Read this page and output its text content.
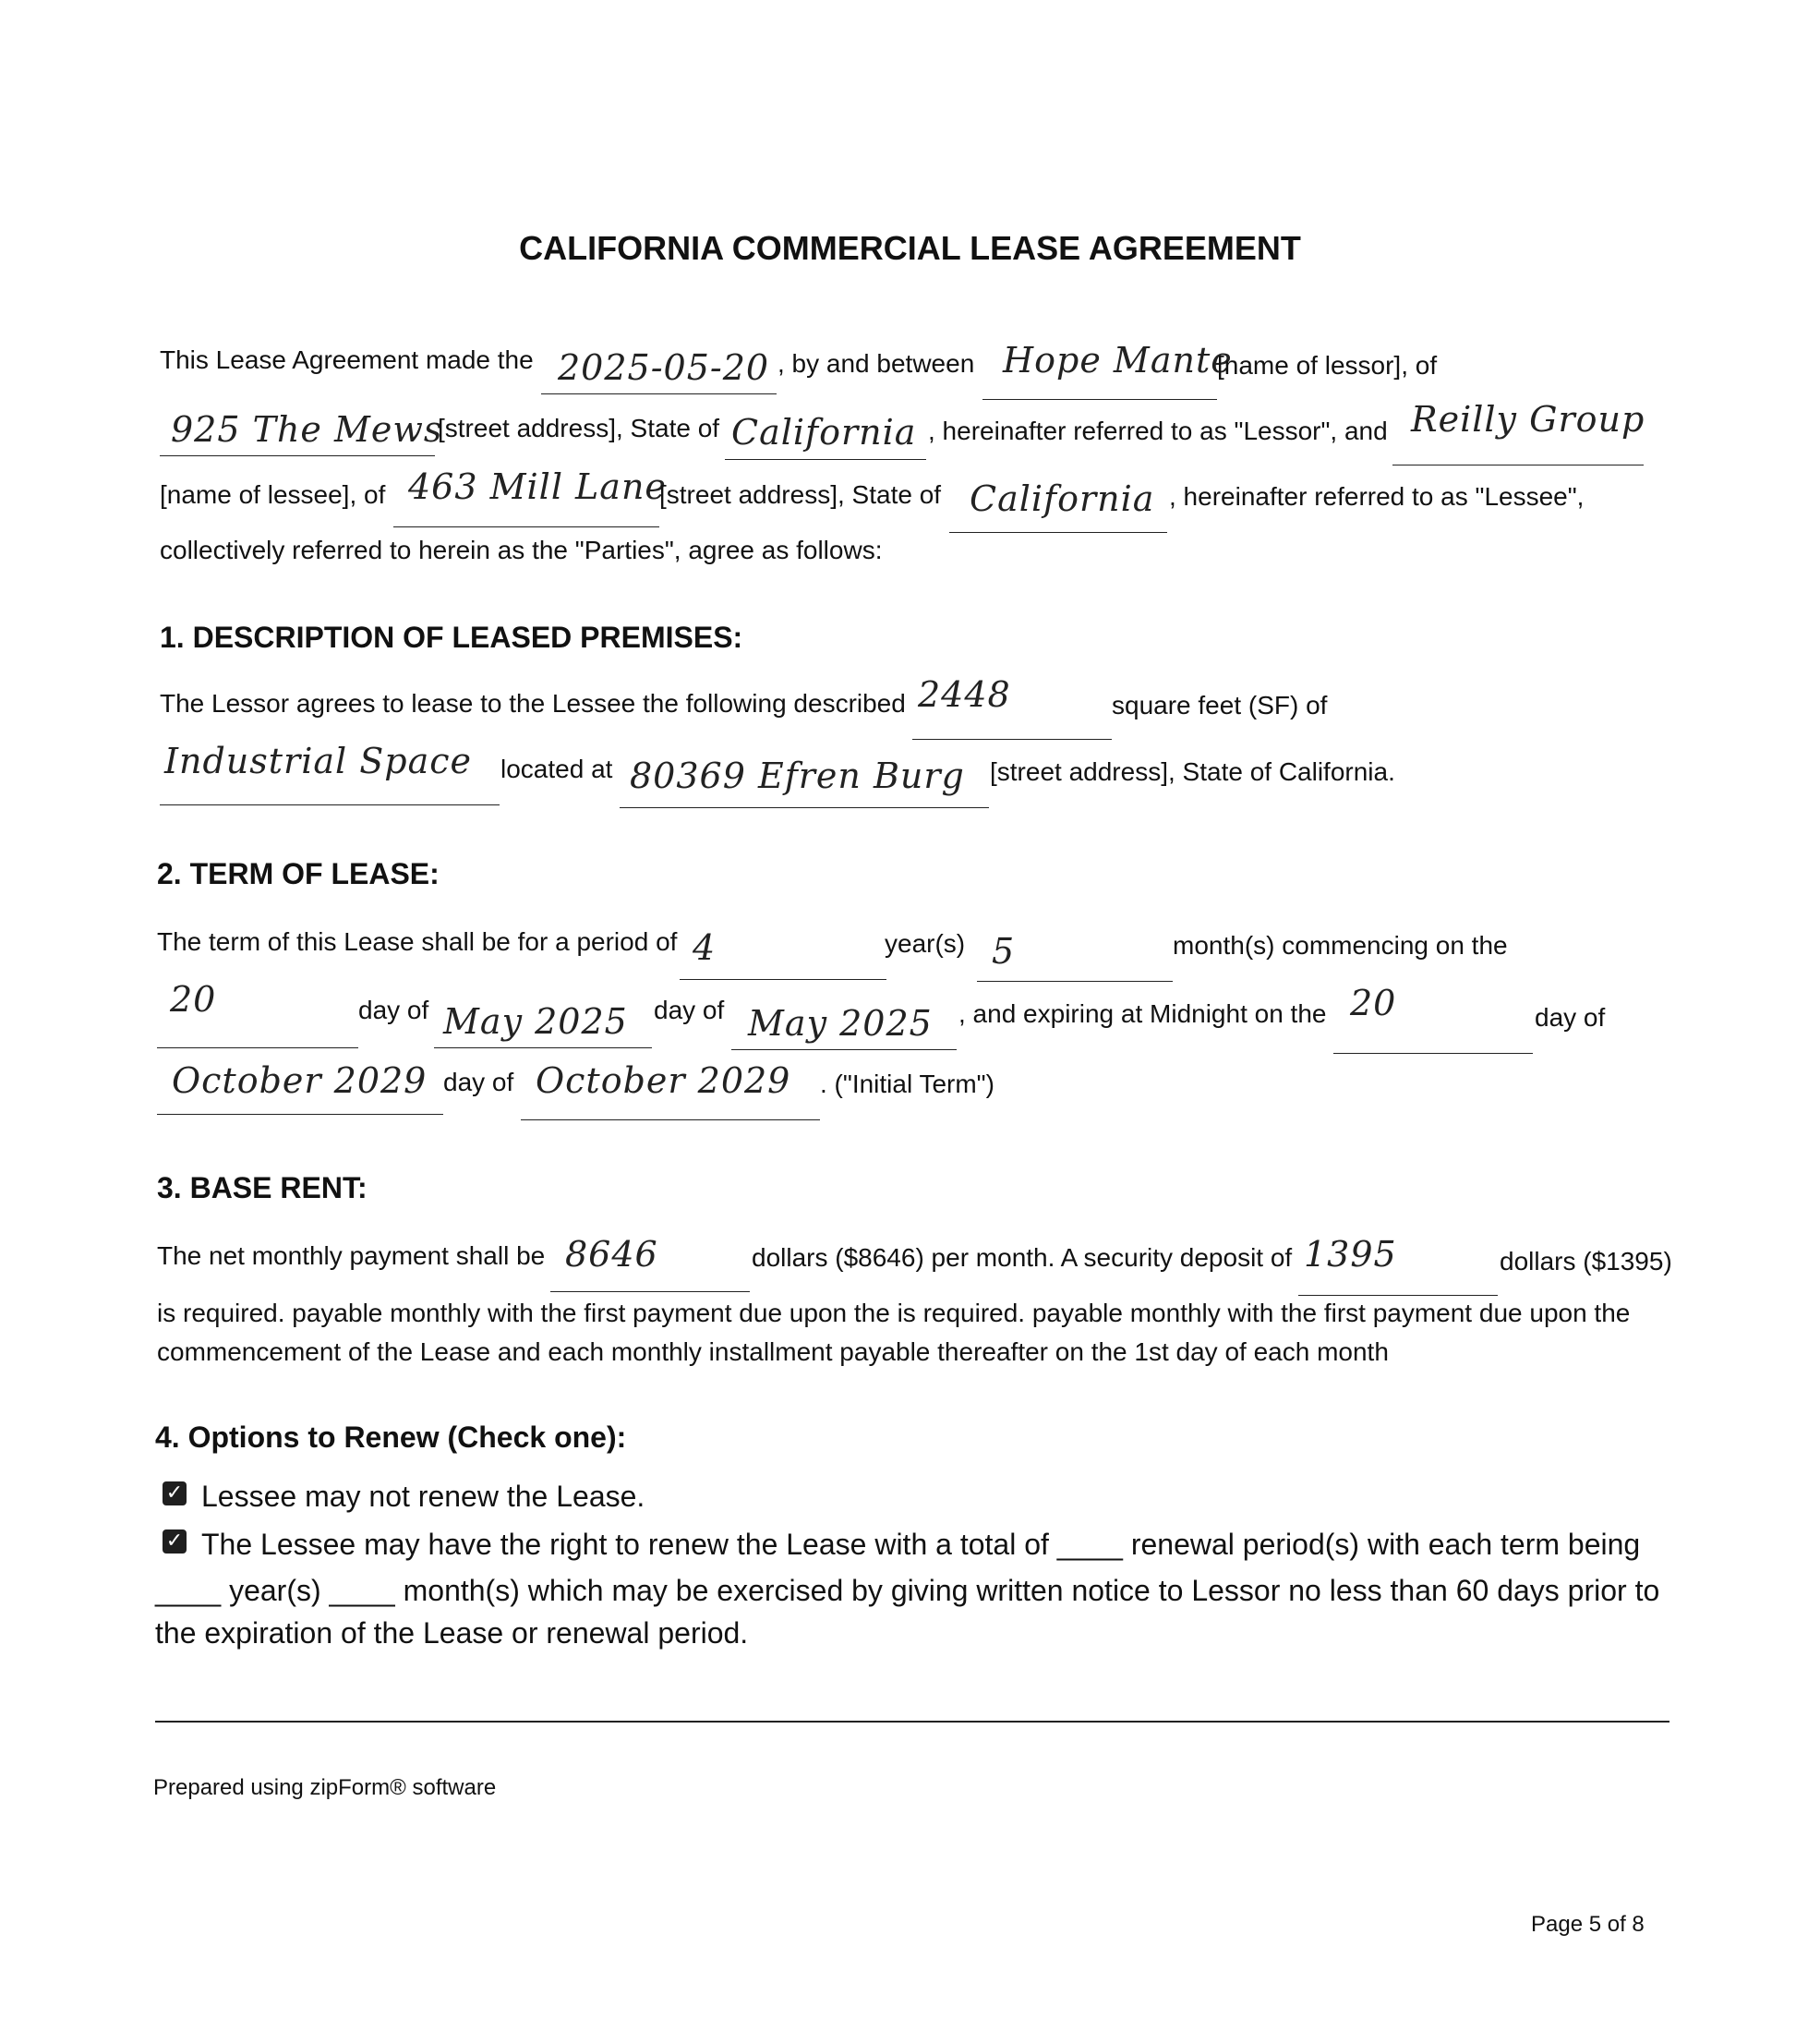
CALIFORNIA COMMERCIAL LEASE AGREEMENT
This Lease Agreement made the 2025-05-20 , by and between Hope Mante
[name of lessor], of
925 The Mews
[street address], State of California , hereinafter referred to as "Lessor", and Reilly Group
[name of lessee], of 463 Mill Lane
[street address], State of California , hereinafter referred to as "Lessee",
collectively referred to herein as the "Parties", agree as follows:
1. DESCRIPTION OF LEASED PREMISES:
The Lessor agrees to lease to the Lessee the following described 2448	square feet (SF) of
Industrial Space located at 80369 Efren Burg [street address], State of California.
2. TERM OF LEASE:
The term of this Lease shall be for a period of 4	year(s) 5	month(s) commencing on the
20	day of May 2025 day of May 2025 , and expiring at Midnight on the 20	day of
October 2029 day of October 2029 . ("Initial Term")
3. BASE RENT:
The net monthly payment shall be 8646	dollars ($8646) per month. A security deposit of 1395	dollars ($1395)
is required. payable monthly with the first payment due upon the is required. payable monthly with the first payment due upon the
commencement of the Lease and each monthly installment payable thereafter on the 1st day of each month
4. Options to Renew (Check one):
✓ Lessee may not renew the Lease.
✓ The Lessee may have the right to renew the Lease with a total of ____ renewal period(s) with each term being
____ year(s) ____ month(s) which may be exercised by giving written notice to Lessor no less than 60 days prior to
the expiration of the Lease or renewal period.
Prepared using zipForm® software
Page 5 of 8
